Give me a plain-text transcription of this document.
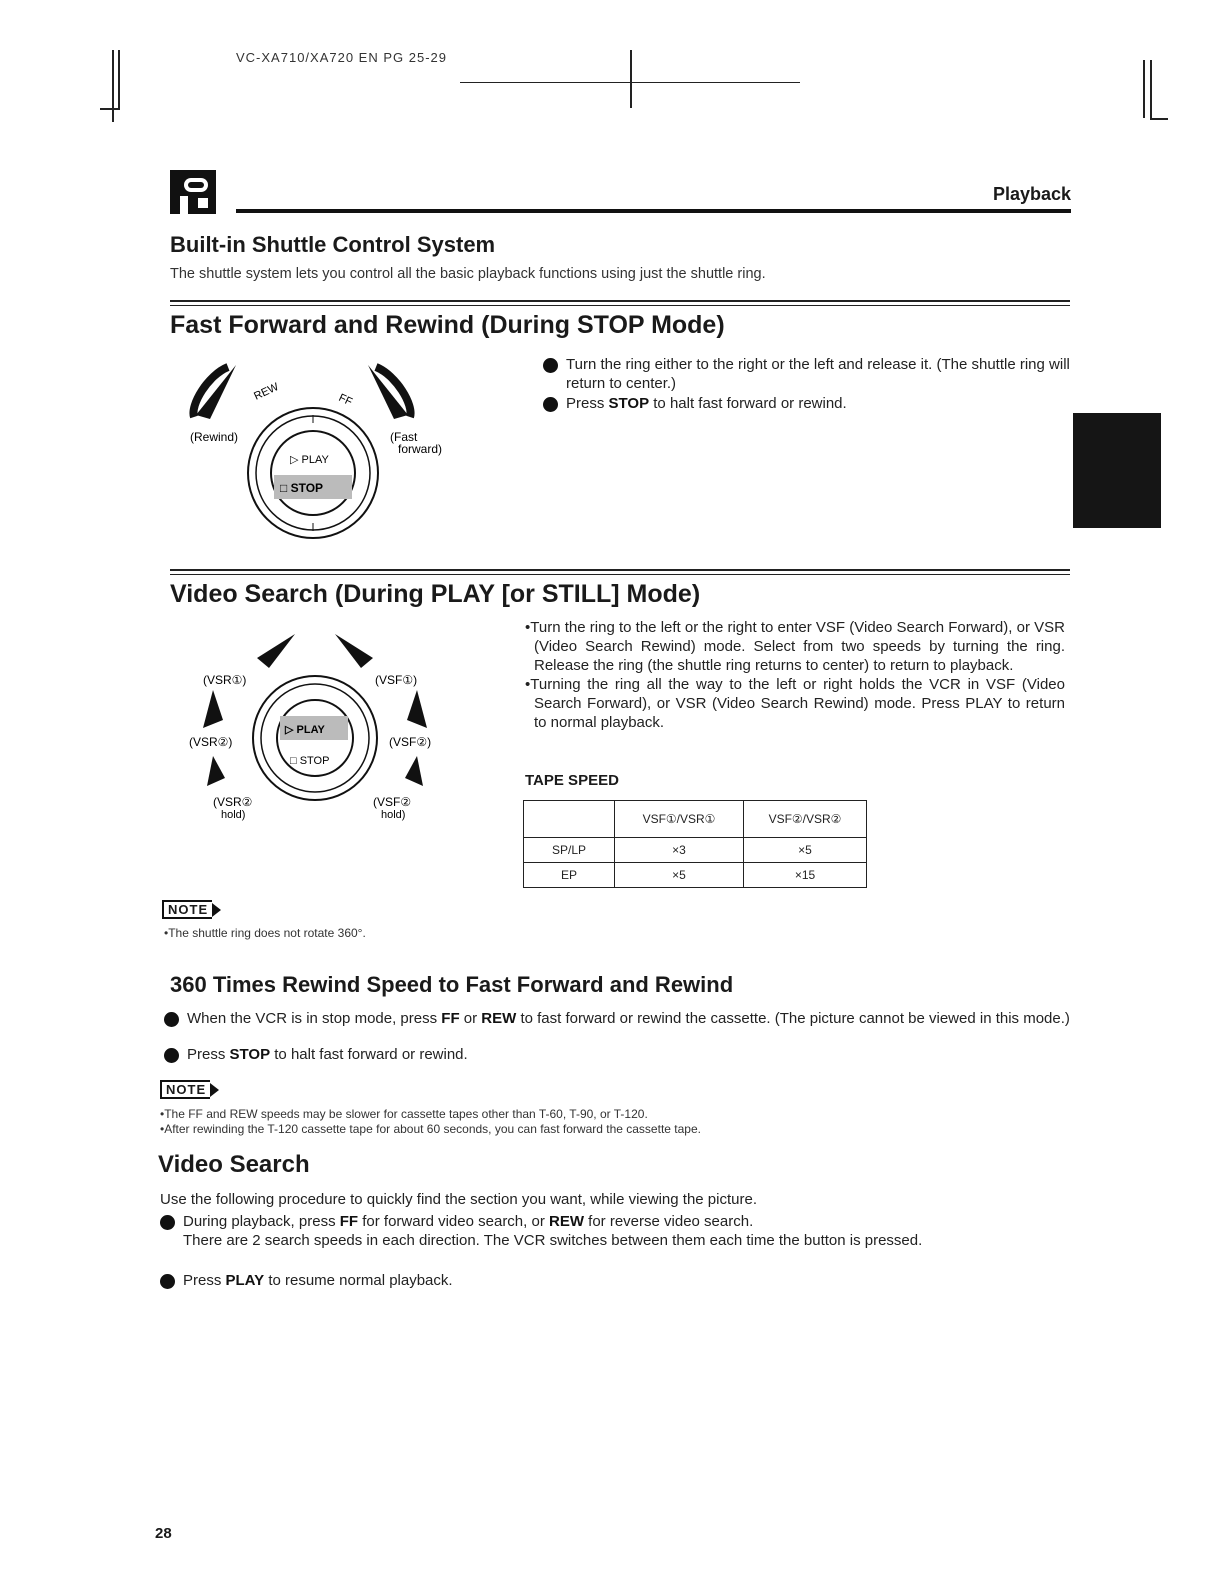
VC-XA710/XA720 EN PG 25-29
Playback
Built-in Shuttle Control System
The shuttle system lets you control all the basic playback functions using just the shuttle ring.
Fast Forward and Rewind (During STOP Mode)
REW	FF
(Rewind)	(Fast
forward)
▷ PLAY
□ STOP
1 Turn the ring either to the right or the left and release it. (The shuttle ring will return to center.)
2 Press STOP to halt fast forward or rewind.
Video Search (During PLAY [or STILL] Mode)
(VSR①)	(VSF①)
(VSR②)	(VSF②)
(VSR②
hold)
(VSF②
hold)
▷ PLAY
□ STOP

•Turn the ring to the left or the right to enter VSF (Video Search Forward), or VSR (Video Search Rewind) mode. Select from two speeds by turning the ring. Release the ring (the shuttle ring returns to center) to return to playback.

•Turning the ring all the way to the left or right holds the VCR in VSF (Video Search Forward), or VSR (Video Search Rewind) mode. Press PLAY to return to normal playback.

TAPE SPEED
	VSF①/VSR①	VSF②/VSR②
SP/LP	×3	×5
EP	×5	×15
NOTE
•The shuttle ring does not rotate 360°.
360 Times Rewind Speed to Fast Forward and Rewind
1 When the VCR is in stop mode, press FF or REW to fast forward or rewind the cassette. (The picture cannot be viewed in this mode.)
2 Press STOP to halt fast forward or rewind.
NOTE
•The FF and REW speeds may be slower for cassette tapes other than T-60, T-90, or T-120.
•After rewinding the T-120 cassette tape for about 60 seconds, you can fast forward the cassette tape.
Video Search
Use the following procedure to quickly find the section you want, while viewing the picture.
1 During playback, press FF for forward video search, or REW for reverse video search.
There are 2 search speeds in each direction. The VCR switches between them each time the button is pressed.
2 Press PLAY to resume normal playback.
28
